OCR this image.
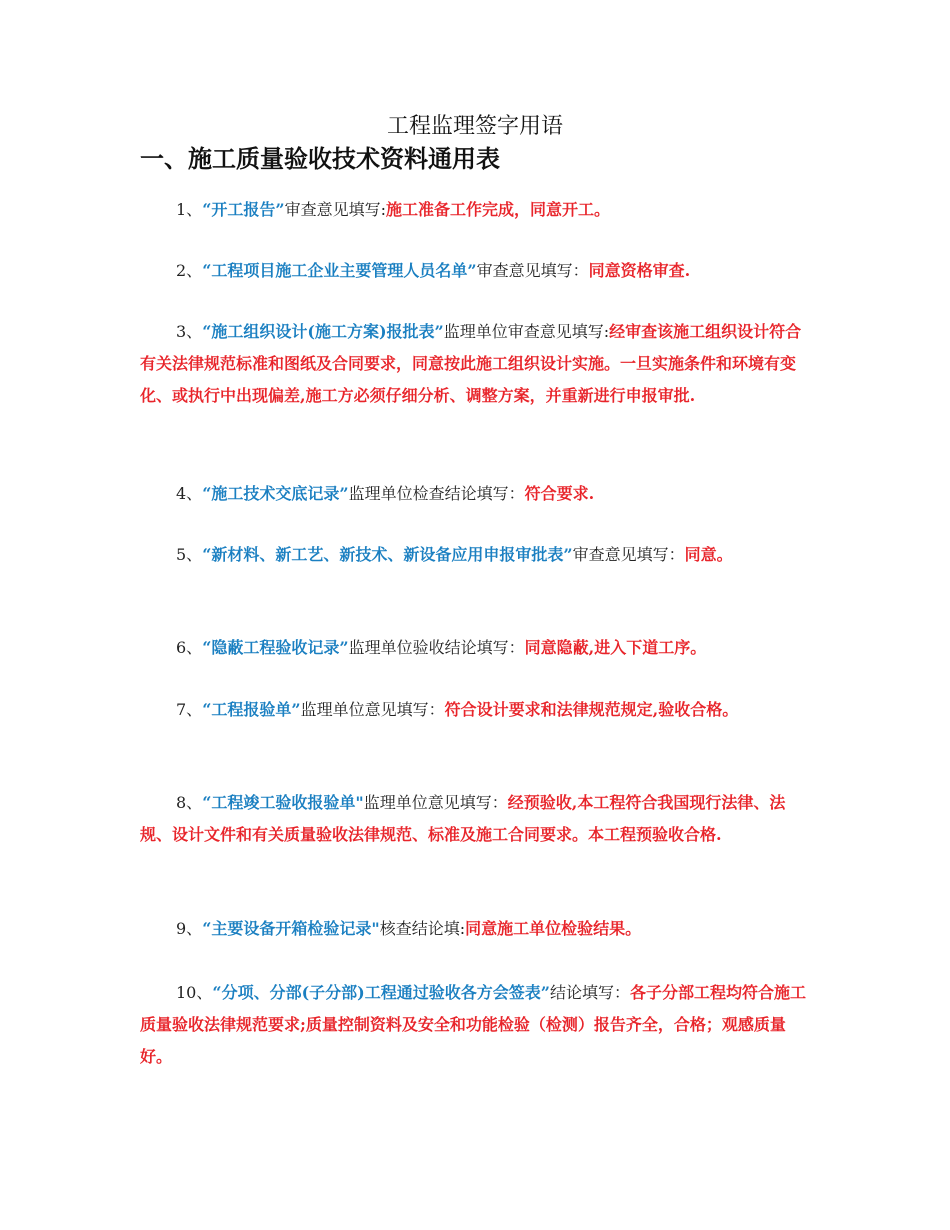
工程监理签字用语
一、施工质量验收技术资料通用表

1、“开工报告”审查意见填写:施工准备工作完成，同意开工。

2、“工程项目施工企业主要管理人员名单”审查意见填写：同意资格审查.

3、“施工组织设计(施工方案)报批表”监理单位审查意见填写:经审查该施工组织设计符合有关法律规范标准和图纸及合同要求，同意按此施工组织设计实施。一旦实施条件和环境有变化、或执行中出现偏差,施工方必须仔细分析、调整方案，并重新进行申报审批.

4、“施工技术交底记录”监理单位检查结论填写：符合要求.

5、“新材料、新工艺、新技术、新设备应用申报审批表”审查意见填写：同意。

6、“隐蔽工程验收记录”监理单位验收结论填写：同意隐蔽,进入下道工序。

7、“工程报验单”监理单位意见填写：符合设计要求和法律规范规定,验收合格。

8、“工程竣工验收报验单"监理单位意见填写：经预验收,本工程符合我国现行法律、法规、设计文件和有关质量验收法律规范、标准及施工合同要求。本工程预验收合格.

9、“主要设备开箱检验记录"核查结论填:同意施工单位检验结果。

10、“分项、分部(子分部)工程通过验收各方会签表”结论填写：各子分部工程均符合施工质量验收法律规范要求;质量控制资料及安全和功能检验（检测）报告齐全，合格；观感质量好。
